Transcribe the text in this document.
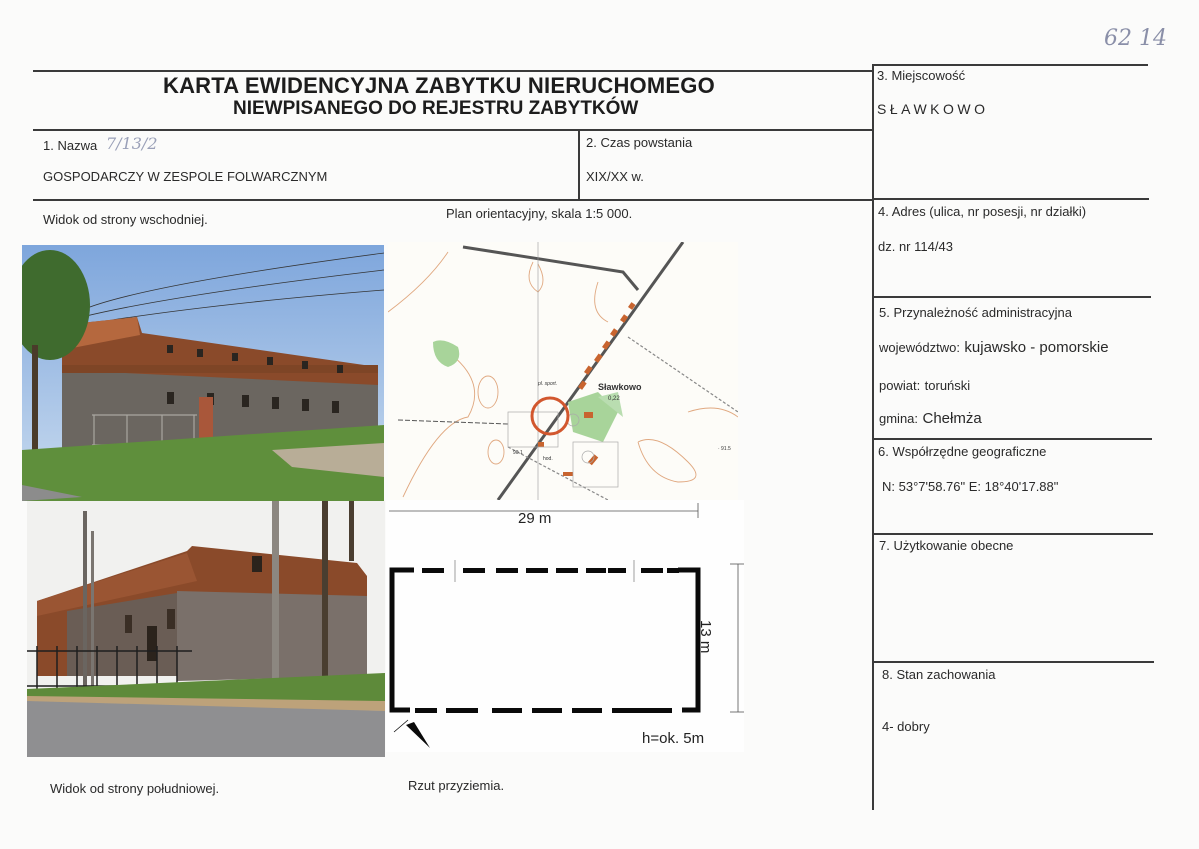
62 14
KARTA EWIDENCYJNA ZABYTKU NIERUCHOMEGO
NIEWPISANEGO DO REJESTRU ZABYTKÓW
1. Nazwa 7/13/2
GOSPODARCZY W ZESPOLE FOLWARCZNYM
2. Czas powstania
XIX/XX w.
3. Miejscowość
SŁAWKOWO
4. Adres (ulica, nr posesji, nr działki)
dz. nr 114/43
5. Przynależność administracyjna
województwo: kujawsko - pomorskie
powiat: toruński
gmina: Chełmża
6. Współrzędne geograficzne
N: 53°7'58.76" E: 18°40'17.88"
7. Użytkowanie obecne
8. Stan zachowania
4- dobry
Widok od strony wschodniej.	Plan orientacyjny, skala 1:5 000.
Widok od strony południowej.	Rzut przyziemia.
Sławkowo
0,22
pl. sport.
hod.
90.1
· 91.5
29 m
13 m
h=ok. 5m
